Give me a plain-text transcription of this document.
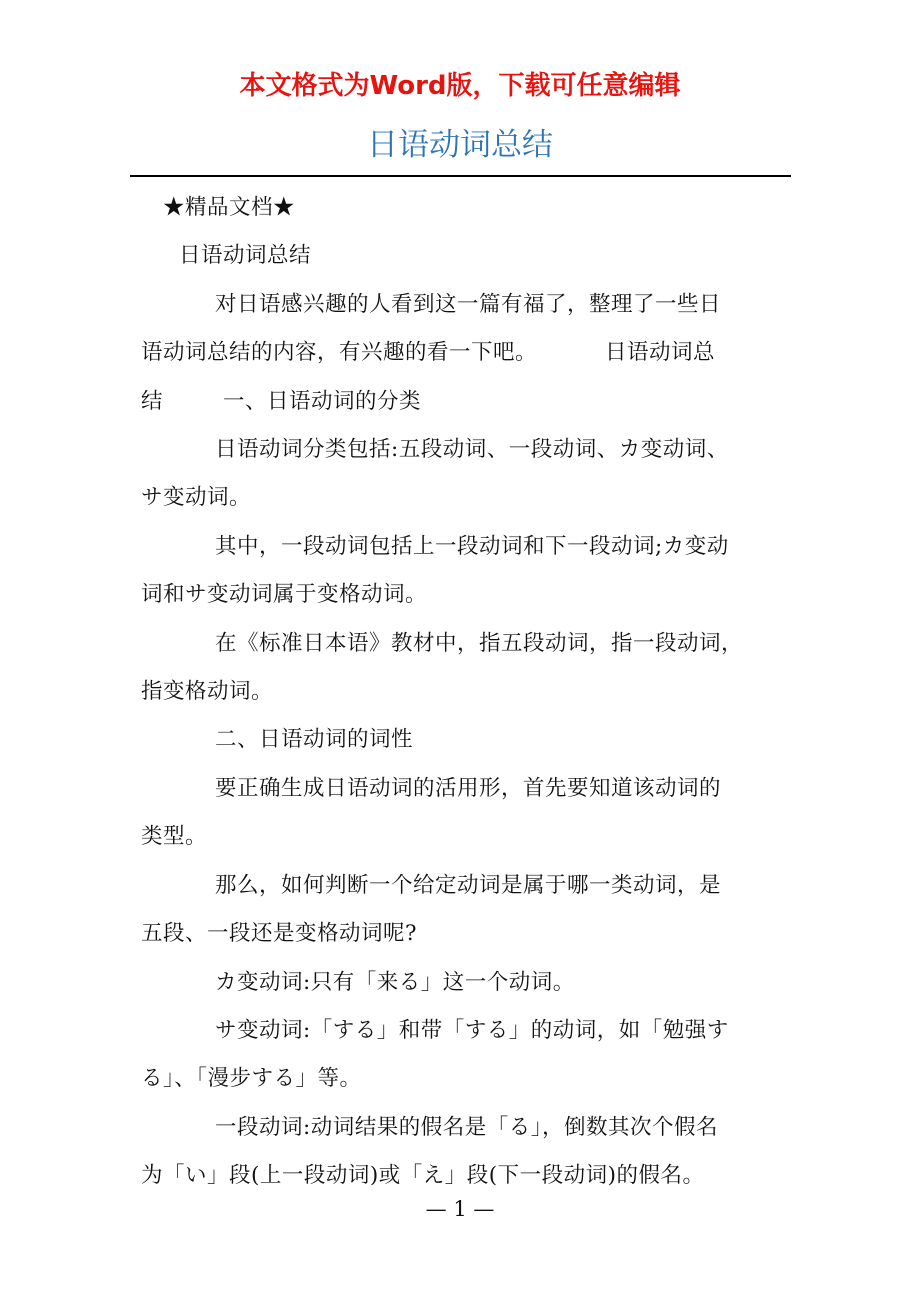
本文格式为Word版，下载可任意编辑
日语动词总结

★精品文档★

日语动词总结

对日语感兴趣的人看到这一篇有福了，整理了一些日

语动词总结的内容，有兴趣的看一下吧。	日语动词总

结	一、日语动词的分类

日语动词分类包括:五段动词、一段动词、カ变动词、

サ变动词。

其中，一段动词包括上一段动词和下一段动词;カ变动

词和サ变动词属于变格动词。

在《标准日本语》教材中，指五段动词，指一段动词，

指变格动词。

二、日语动词的词性

要正确生成日语动词的活用形，首先要知道该动词的

类型。

那么，如何判断一个给定动词是属于哪一类动词，是

五段、一段还是变格动词呢?

カ变动词:只有「来る」这一个动词。

サ变动词:「する」和带「する」的动词，如「勉强す

る」、「漫步する」等。

一段动词:动词结果的假名是「る」，倒数其次个假名

为「い」段(上一段动词)或「え」段(下一段动词)的假名。

— 1 —
